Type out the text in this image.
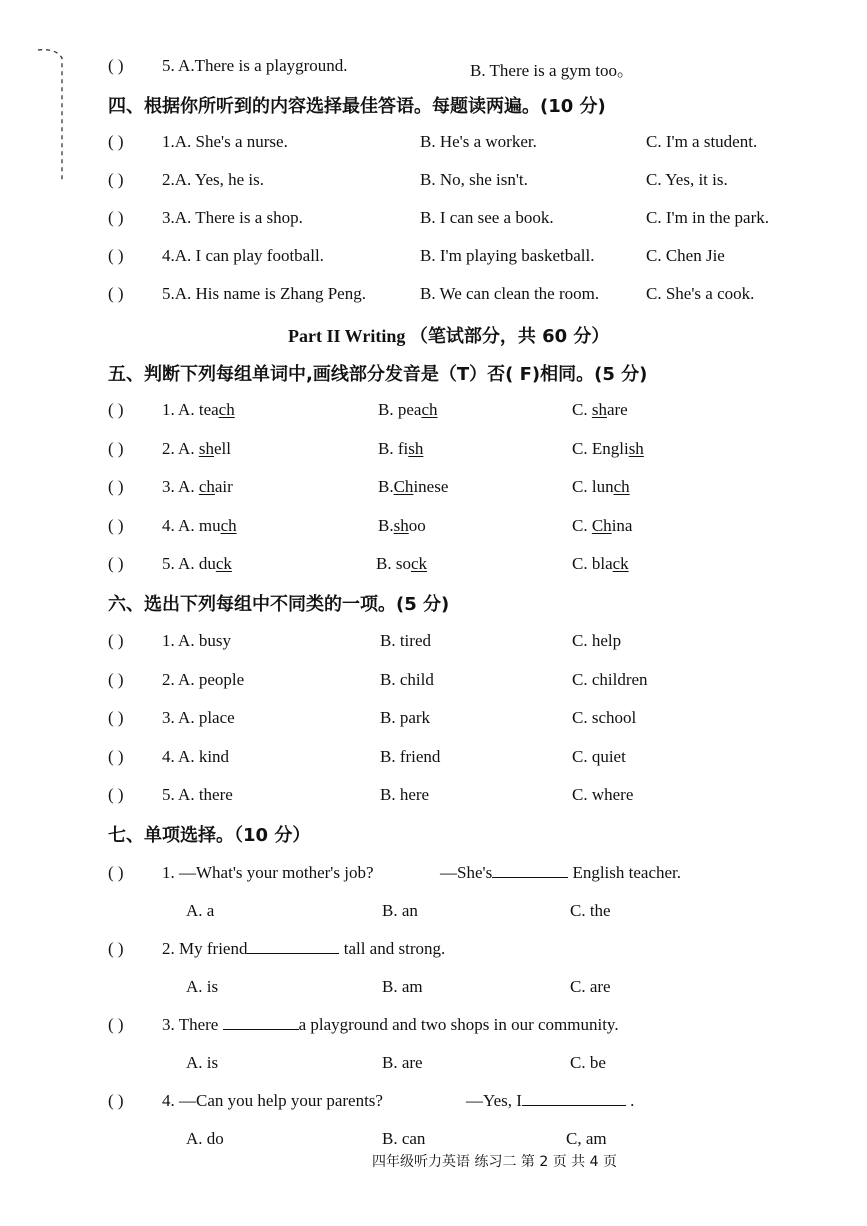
( ) 5. A.There is a playground.	B. There is a gym too。
四、根据你所听到的内容选择最佳答语。每题读两遍。(10 分)
( ) 1.A. She's a nurse.	B. He's a worker.	C. I'm a student.
( ) 2.A. Yes, he is.	B. No, she isn't.	C. Yes, it is.
( ) 3.A. There is a shop.	B. I can see a book.	C. I'm in the park.
( ) 4.A. I can play football.	B. I'm playing basketball.	C. Chen Jie
( ) 5.A. His name is Zhang Peng.	B. We can clean the room.	C. She's a cook.
Part II Writing （笔试部分，共 60 分）
五、判断下列每组单词中,画线部分发音是（T）否( F)相同。(5 分)
( ) 1. A. teach	B. peach	C. share
( ) 2. A. shell	B. fish	C. English
( ) 3. A. chair	B.Chinese	C. lunch
( ) 4. A. much	B.shoo	C. China
( ) 5. A. duck	B. sock	C. black
六、选出下列每组中不同类的一项。(5 分)
( ) 1. A. busy	B. tired	C. help
( ) 2. A. people	B. child	C. children
( ) 3. A. place	B. park	C. school
( ) 4. A. kind	B. friend	C. quiet
( ) 5. A. there	B. here	C. where
七、单项选择。（10 分）
( ) 1. —What's your mother's job?	—She's	English teacher.
A. a	B. an	C. the
( ) 2. My friend	tall and strong.
A. is	B. am	C. are
( ) 3. There	a playground and two shops in our community.
A. is	B. are	C. be
( ) 4. —Can you help your parents?	—Yes, I	.
A. do	B. can	C, am
四年级听力英语 练习二 第 2 页 共 4 页
